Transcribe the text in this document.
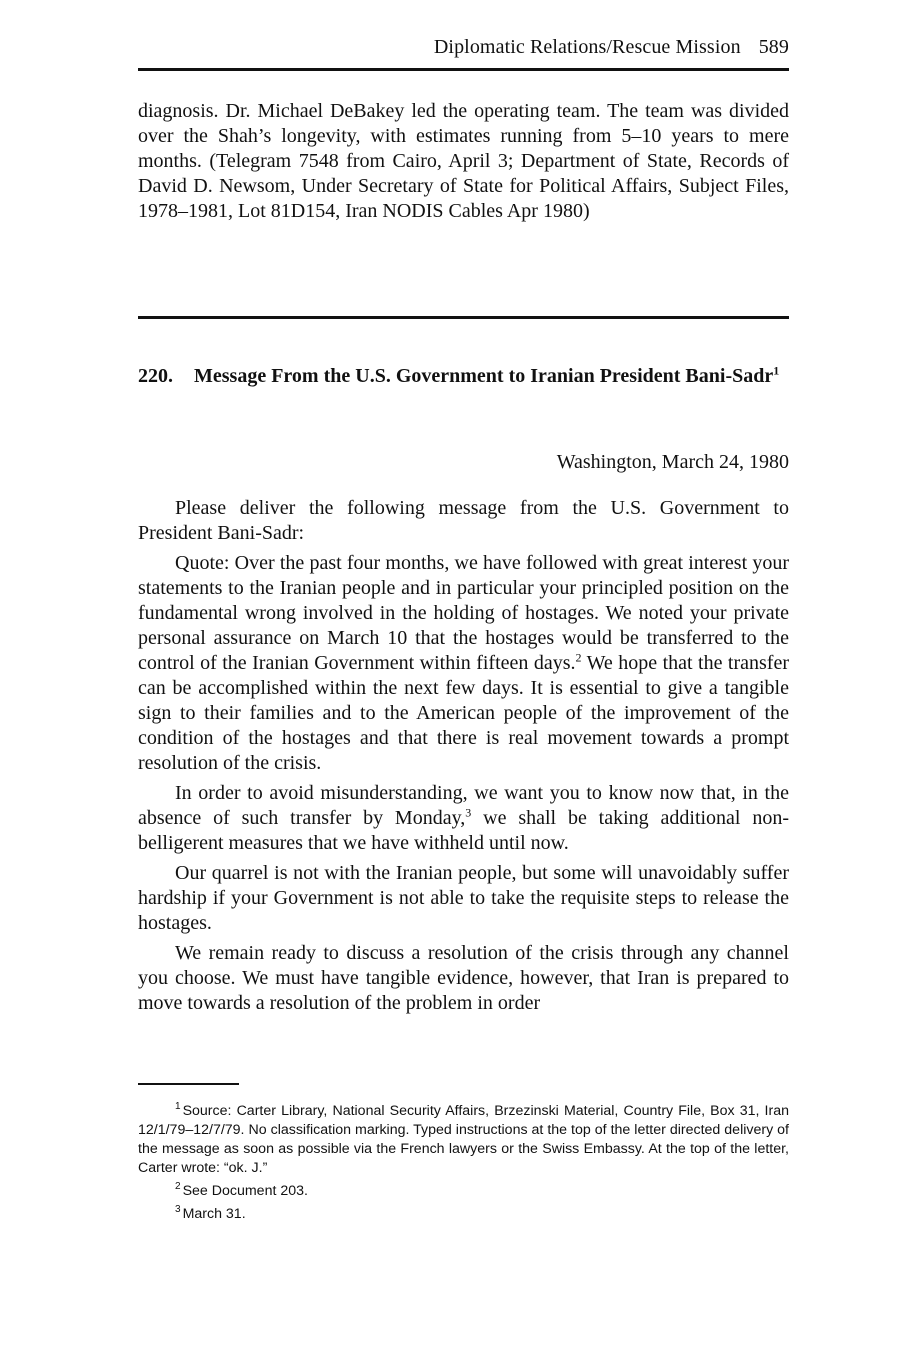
Diplomatic Relations/Rescue Mission 589

diagnosis. Dr. Michael DeBakey led the operating team. The team was divided over the Shah’s longevity, with estimates running from 5–10 years to mere months. (Telegram 7548 from Cairo, April 3; Department of State, Records of David D. Newsom, Under Secretary of State for Political Affairs, Subject Files, 1978–1981, Lot 81D154, Iran NODIS Cables Apr 1980)

220.	Message From the U.S. Government to Iranian President Bani-Sadr$^1$

Washington, March 24, 1980

Please deliver the following message from the U.S. Government to President Bani-Sadr:

Quote: Over the past four months, we have followed with great interest your statements to the Iranian people and in particular your principled position on the fundamental wrong involved in the holding of hostages. We noted your private personal assurance on March 10 that the hostages would be transferred to the control of the Iranian Government within fifteen days.$^2$ We hope that the transfer can be accomplished within the next few days. It is essential to give a tangible sign to their families and to the American people of the improvement of the condition of the hostages and that there is real movement towards a prompt resolution of the crisis.

In order to avoid misunderstanding, we want you to know now that, in the absence of such transfer by Monday,$^3$ we shall be taking additional non-belligerent measures that we have withheld until now.

Our quarrel is not with the Iranian people, but some will unavoidably suffer hardship if your Government is not able to take the requisite steps to release the hostages.

We remain ready to discuss a resolution of the crisis through any channel you choose. We must have tangible evidence, however, that Iran is prepared to move towards a resolution of the problem in order

$^1$ Source: Carter Library, National Security Affairs, Brzezinski Material, Country File, Box 31, Iran 12/1/79–12/7/79. No classification marking. Typed instructions at the top of the letter directed delivery of the message as soon as possible via the French lawyers or the Swiss Embassy. At the top of the letter, Carter wrote: “ok. J.”

$^2$ See Document 203.

$^3$ March 31.
